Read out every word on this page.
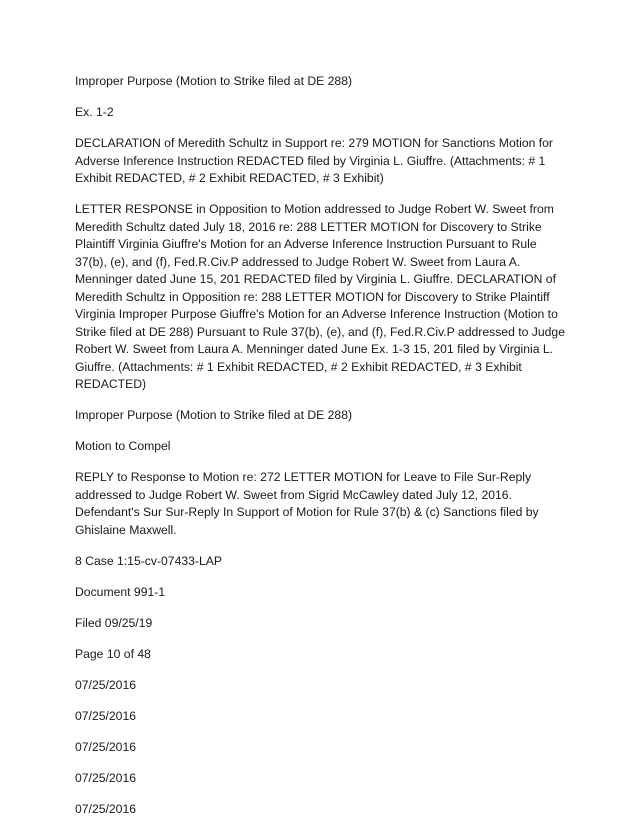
Improper Purpose (Motion to Strike filed at DE 288)

Ex. 1-2

DECLARATION of Meredith Schultz in Support re: 279 MOTION for Sanctions Motion for Adverse Inference Instruction REDACTED filed by Virginia L. Giuffre. (Attachments: # 1 Exhibit REDACTED, # 2 Exhibit REDACTED, # 3 Exhibit)

LETTER RESPONSE in Opposition to Motion addressed to Judge Robert W. Sweet from Meredith Schultz dated July 18, 2016 re: 288 LETTER MOTION for Discovery to Strike Plaintiff Virginia Giuffre's Motion for an Adverse Inference Instruction Pursuant to Rule 37(b), (e), and (f), Fed.R.Civ.P addressed to Judge Robert W. Sweet from Laura A. Menninger dated June 15, 201 REDACTED filed by Virginia L. Giuffre. DECLARATION of Meredith Schultz in Opposition re: 288 LETTER MOTION for Discovery to Strike Plaintiff Virginia Improper Purpose Giuffre's Motion for an Adverse Inference Instruction (Motion to Strike filed at DE 288) Pursuant to Rule 37(b), (e), and (f), Fed.R.Civ.P addressed to Judge Robert W. Sweet from Laura A. Menninger dated June Ex. 1-3 15, 201 filed by Virginia L. Giuffre. (Attachments: # 1 Exhibit REDACTED, # 2 Exhibit REDACTED, # 3 Exhibit REDACTED)

Improper Purpose (Motion to Strike filed at DE 288)

Motion to Compel

REPLY to Response to Motion re: 272 LETTER MOTION for Leave to File Sur-Reply addressed to Judge Robert W. Sweet from Sigrid McCawley dated July 12, 2016. Defendant's Sur Sur-Reply In Support of Motion for Rule 37(b) & (c) Sanctions filed by Ghislaine Maxwell.

8 Case 1:15-cv-07433-LAP

Document 991-1

Filed 09/25/19

Page 10 of 48

07/25/2016

07/25/2016

07/25/2016

07/25/2016

07/25/2016
